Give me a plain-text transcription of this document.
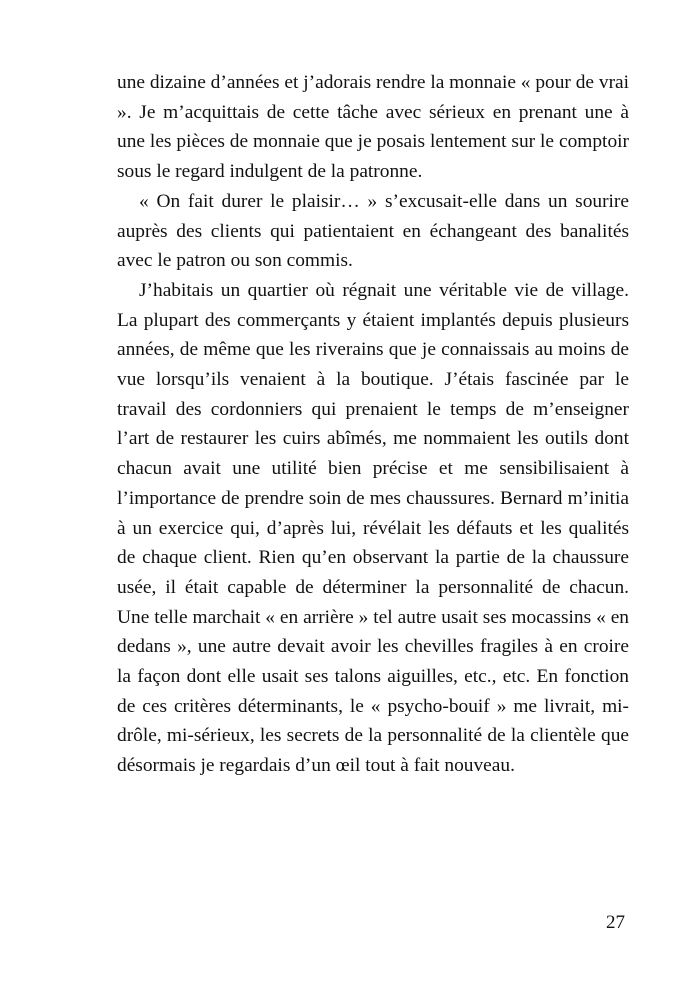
une dizaine d’années et j’adorais rendre la monnaie « pour de vrai ». Je m’acquittais de cette tâche avec sérieux en prenant une à une les pièces de monnaie que je posais lentement sur le comptoir sous le regard indulgent de la patronne.

« On fait durer le plaisir… » s’excusait-elle dans un sourire auprès des clients qui patientaient en échangeant des banalités avec le patron ou son commis.

J’habitais un quartier où régnait une véritable vie de village. La plupart des commerçants y étaient implantés depuis plusieurs années, de même que les riverains que je connaissais au moins de vue lorsqu’ils venaient à la boutique. J’étais fascinée par le travail des cordonniers qui prenaient le temps de m’enseigner l’art de restaurer les cuirs abîmés, me nommaient les outils dont chacun avait une utilité bien précise et me sensibilisaient à l’importance de prendre soin de mes chaussures. Bernard m’initia à un exercice qui, d’après lui, révélait les défauts et les qualités de chaque client. Rien qu’en observant la partie de la chaussure usée, il était capable de déterminer la personnalité de chacun. Une telle marchait « en arrière » tel autre usait ses mocassins « en dedans », une autre devait avoir les chevilles fragiles à en croire la façon dont elle usait ses talons aiguilles, etc., etc. En fonction de ces critères déterminants, le « psycho-bouif » me livrait, mi-drôle, mi-sérieux, les secrets de la personnalité de la clientèle que désormais je regardais d’un œil tout à fait nouveau.

27
